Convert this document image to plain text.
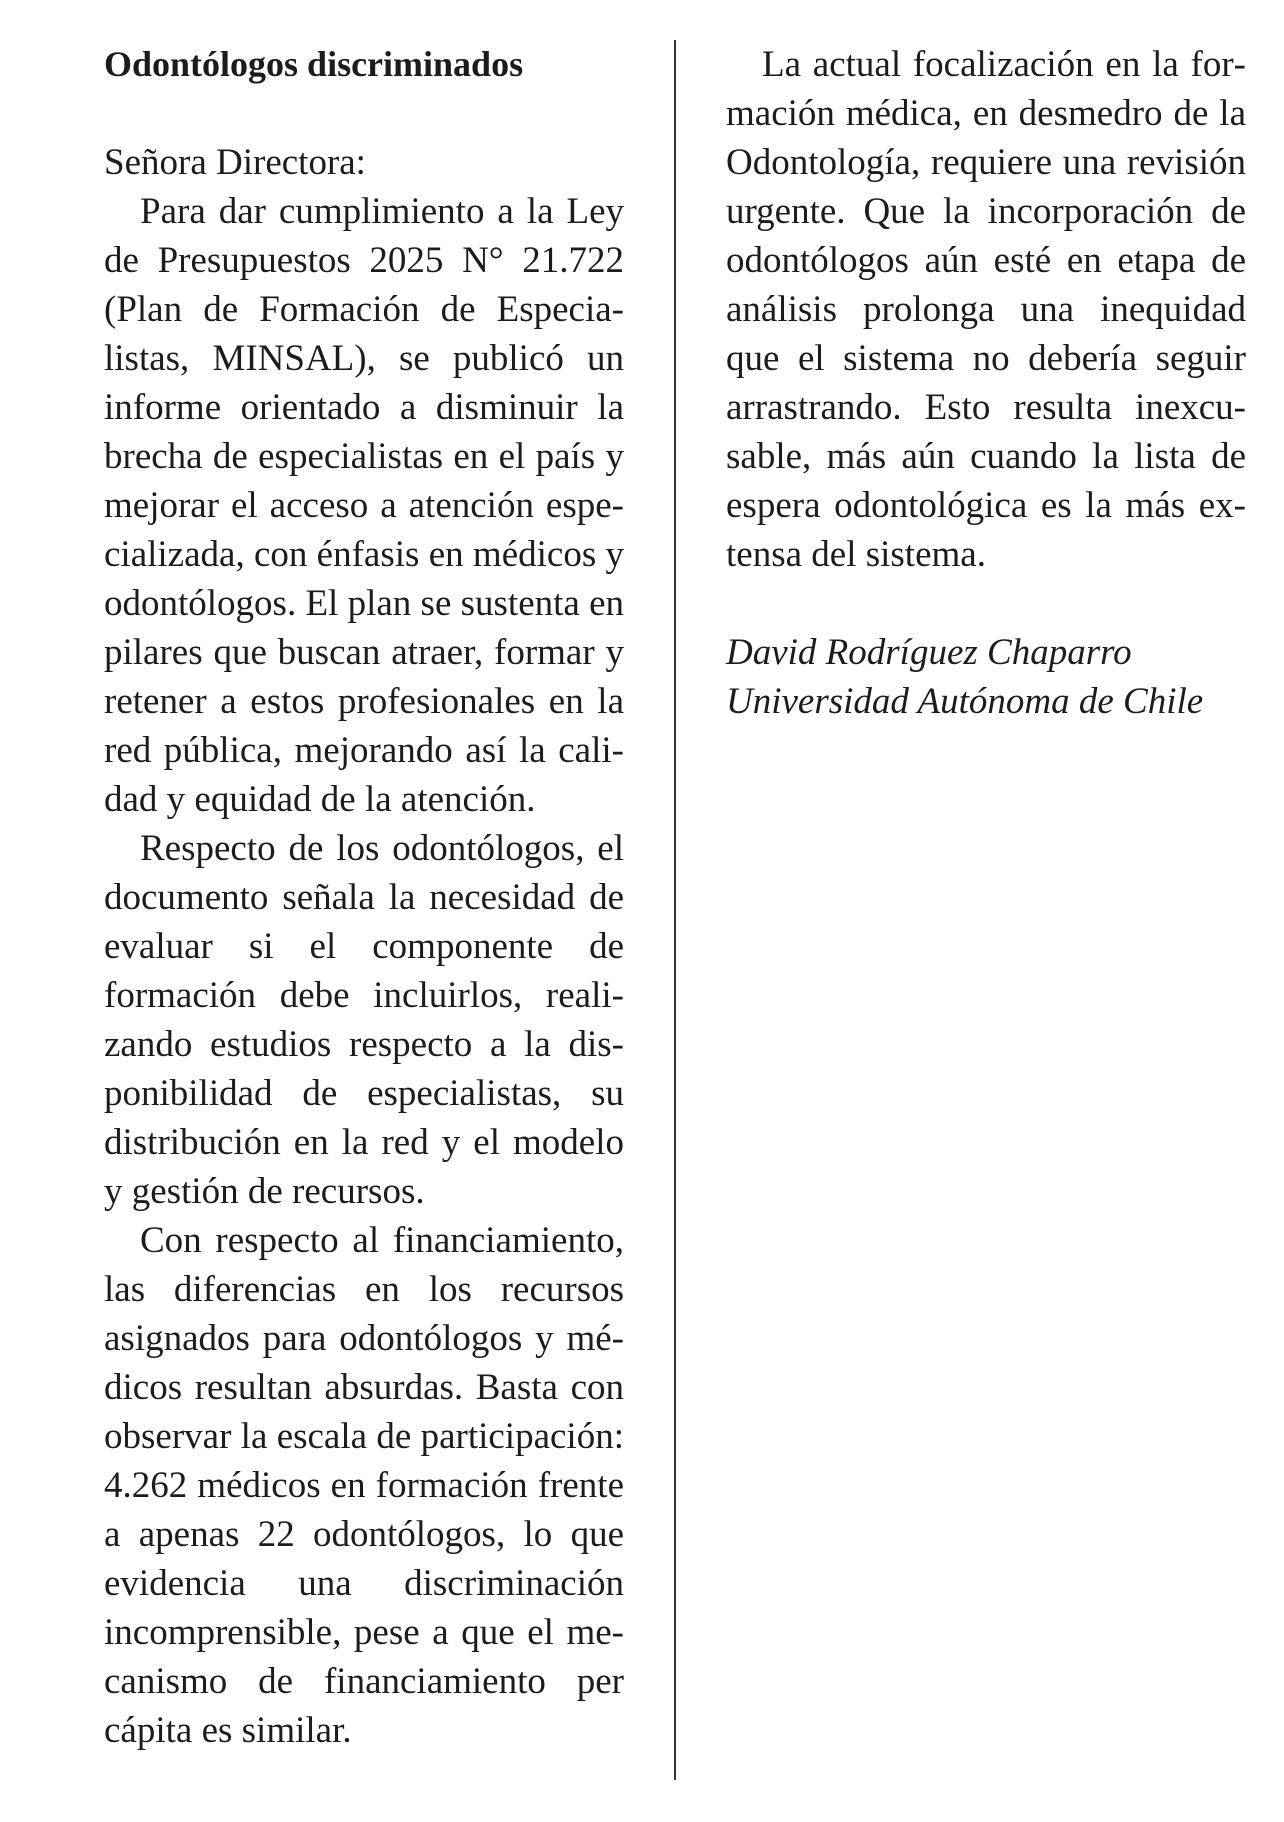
Odontólogos discriminados
Señora Directora:

Para dar cumplimiento a la Ley de Presupuestos 2025 N° 21.722 (Plan de Formación de Especialistas, MINSAL), se publicó un informe orientado a disminuir la brecha de especialistas en el país y mejorar el acceso a atención especializada, con énfasis en médicos y odontólogos. El plan se sustenta en pilares que buscan atraer, formar y retener a estos profesionales en la red pública, mejorando así la calidad y equidad de la atención.

Respecto de los odontólogos, el documento señala la necesidad de evaluar si el componente de formación debe incluirlos, realizando estudios respecto a la disponibilidad de especialistas, su distribución en la red y el modelo y gestión de recursos.

Con respecto al financiamiento, las diferencias en los recursos asignados para odontólogos y médicos resultan absurdas. Basta con observar la escala de participación: 4.262 médicos en formación frente a apenas 22 odontólogos, lo que evidencia una discriminación incomprensible, pese a que el mecanismo de financiamiento per cápita es similar.

La actual focalización en la formación médica, en desmedro de la Odontología, requiere una revisión urgente. Que la incorporación de odontólogos aún esté en etapa de análisis prolonga una inequidad que el sistema no debería seguir arrastrando. Esto resulta inexcusable, más aún cuando la lista de espera odontológica es la más extensa del sistema.

David Rodríguez Chaparro
Universidad Autónoma de Chile
